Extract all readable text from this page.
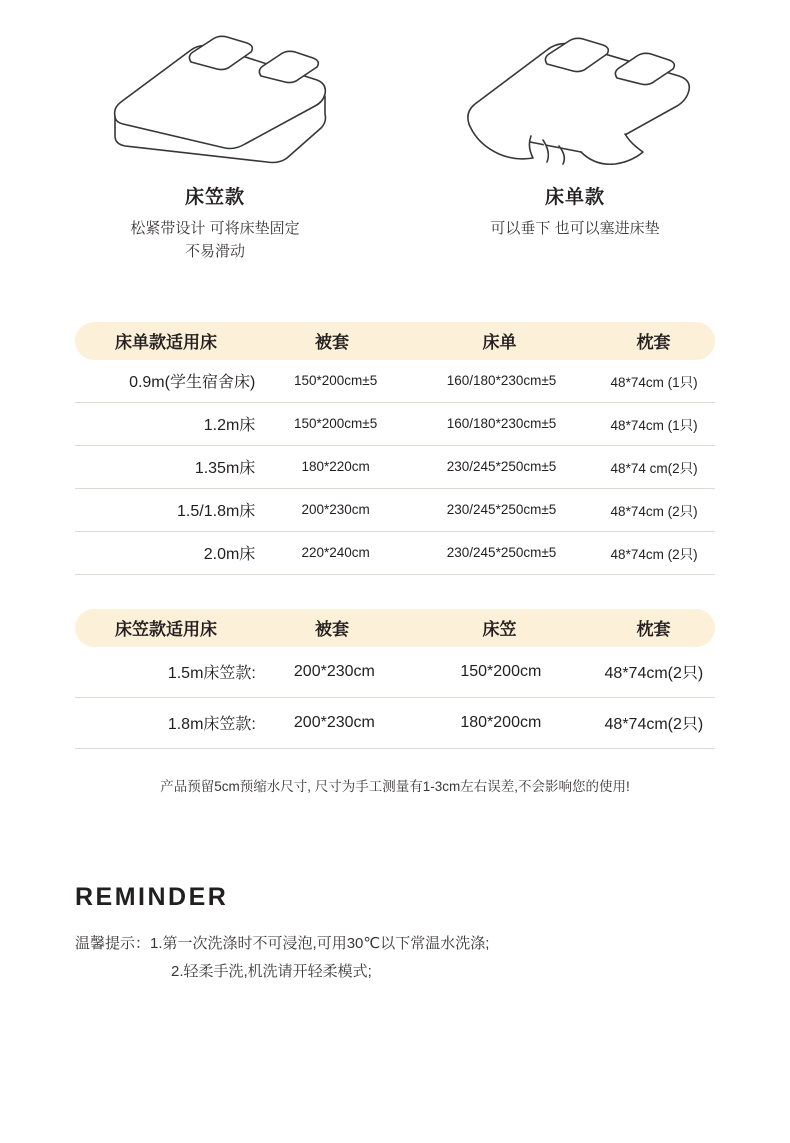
床笠款
松紧带设计 可将床垫固定
不易滑动
床单款
可以垂下 也可以塞进床垫
床单款适用床	被套	床单	枕套
0.9m(学生宿舍床)	150*200cm±5	160/180*230cm±5	48*74cm (1只)
1.2m床	150*200cm±5	160/180*230cm±5	48*74cm (1只)
1.35m床	180*220cm	230/245*250cm±5	48*74 cm(2只)
1.5/1.8m床	200*230cm	230/245*250cm±5	48*74cm (2只)
2.0m床	220*240cm	230/245*250cm±5	48*74cm (2只)
床笠款适用床	被套	床笠	枕套
1.5m床笠款:	200*230cm	150*200cm	48*74cm(2只)
1.8m床笠款:	200*230cm	180*200cm	48*74cm(2只)
产品预留5cm预缩水尺寸, 尺寸为手工测量有1-3cm左右误差,不会影响您的使用!
REMINDER
温馨提示：1.第一次洗涤时不可浸泡,可用30℃以下常温水洗涤;
2.轻柔手洗,机洗请开轻柔模式;
